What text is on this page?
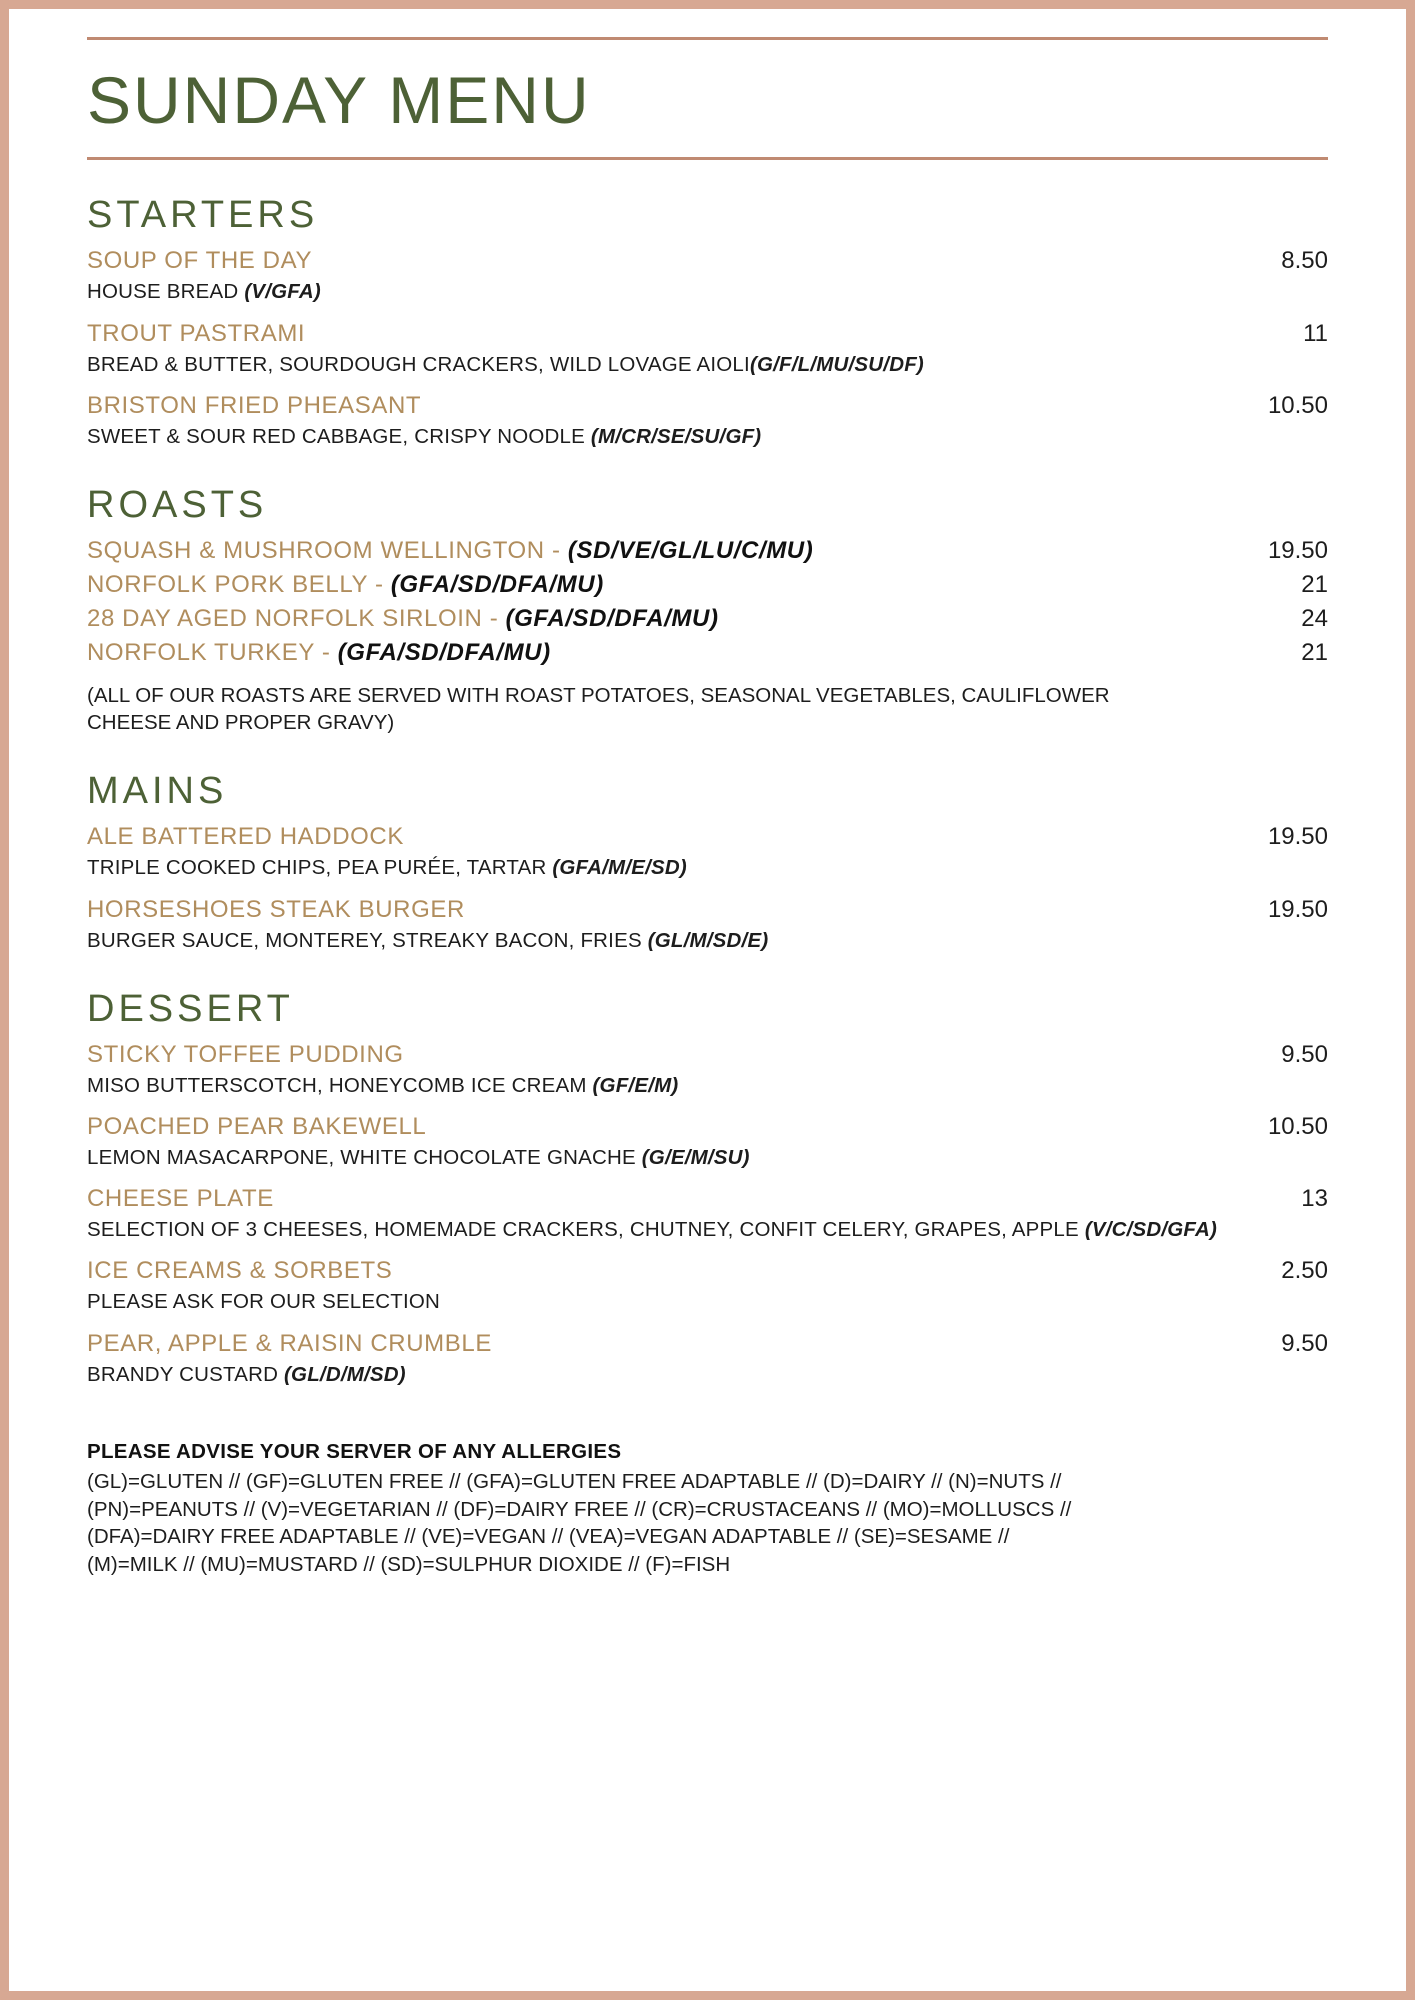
SUNDAY MENU
STARTERS
SOUP OF THE DAY	8.50
HOUSE BREAD (V/GFA)
TROUT PASTRAMI	11
BREAD & BUTTER, SOURDOUGH CRACKERS, WILD LOVAGE AIOLI(G/F/L/MU/SU/DF)
BRISTON FRIED PHEASANT	10.50
SWEET & SOUR RED CABBAGE, CRISPY NOODLE (M/CR/SE/SU/GF)
ROASTS
SQUASH & MUSHROOM WELLINGTON - (SD/VE/GL/LU/C/MU)	19.50
NORFOLK PORK BELLY - (GFA/SD/DFA/MU)	21
28 DAY AGED NORFOLK SIRLOIN - (GFA/SD/DFA/MU)	24
NORFOLK TURKEY - (GFA/SD/DFA/MU)	21
(ALL OF OUR ROASTS ARE SERVED WITH ROAST POTATOES, SEASONAL VEGETABLES, CAULIFLOWER CHEESE AND PROPER GRAVY)
MAINS
ALE BATTERED HADDOCK	19.50
TRIPLE COOKED CHIPS, PEA PURÉE, TARTAR (GFA/M/E/SD)
HORSESHOES STEAK BURGER	19.50
BURGER SAUCE, MONTEREY, STREAKY BACON, FRIES (GL/M/SD/E)
DESSERT
STICKY TOFFEE PUDDING	9.50
MISO BUTTERSCOTCH, HONEYCOMB ICE CREAM (GF/E/M)
POACHED PEAR BAKEWELL	10.50
LEMON MASACARPONE, WHITE CHOCOLATE GNACHE (G/E/M/SU)
CHEESE PLATE	13
SELECTION OF 3 CHEESES, HOMEMADE CRACKERS, CHUTNEY, CONFIT CELERY, GRAPES, APPLE (V/C/SD/GFA)
ICE CREAMS & SORBETS	2.50
PLEASE ASK FOR OUR SELECTION
PEAR, APPLE & RAISIN CRUMBLE	9.50
BRANDY CUSTARD (GL/D/M/SD)
PLEASE ADVISE YOUR SERVER OF ANY ALLERGIES
(GL)=GLUTEN // (GF)=GLUTEN FREE // (GFA)=GLUTEN FREE ADAPTABLE // (D)=DAIRY // (N)=NUTS //
(PN)=PEANUTS // (V)=VEGETARIAN // (DF)=DAIRY FREE // (CR)=CRUSTACEANS // (MO)=MOLLUSCS //
(DFA)=DAIRY FREE ADAPTABLE // (VE)=VEGAN // (VEA)=VEGAN ADAPTABLE // (SE)=SESAME //
(M)=MILK // (MU)=MUSTARD // (SD)=SULPHUR DIOXIDE // (F)=FISH
